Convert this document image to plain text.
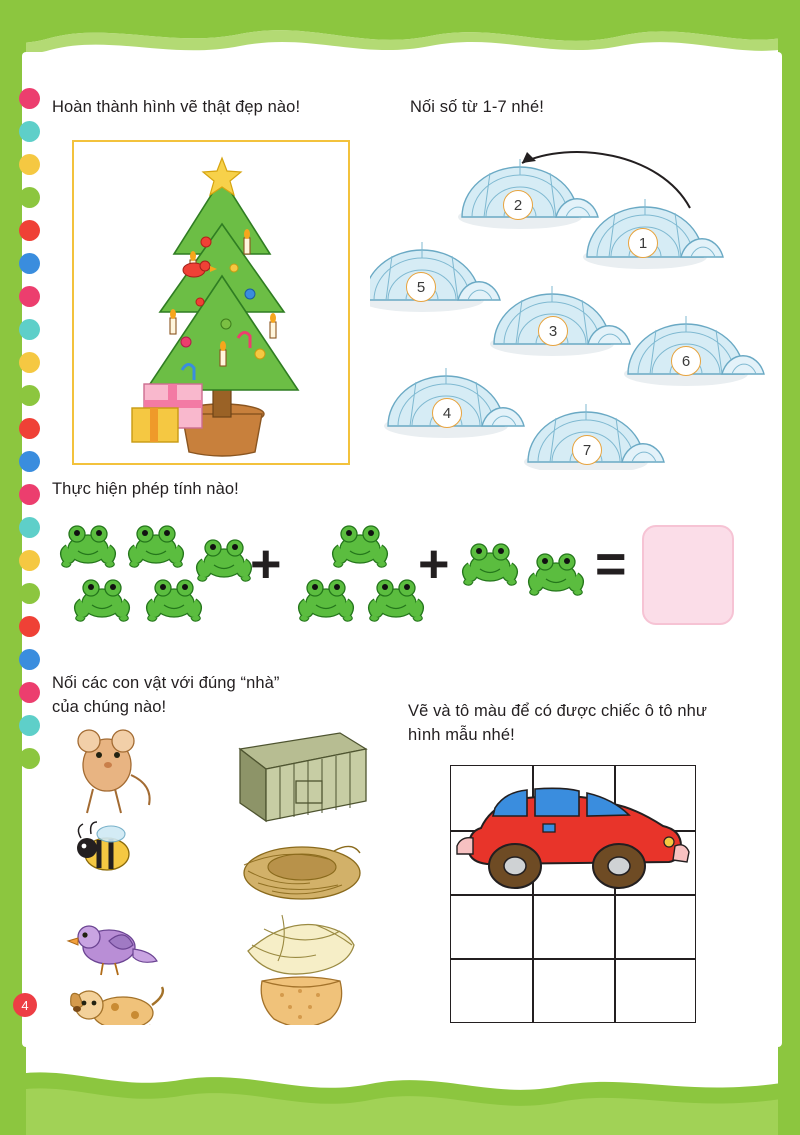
Hoàn thành hình vẽ thật đẹp nào!	Nối số từ 1-7 nhé!
2
1
5
3
6
4
7
Thực hiện phép tính nào!
+	+	=
Nối các con vật với đúng “nhà”
của chúng nào!	Vẽ và tô màu để có được chiếc ô tô như
hình mẫu nhé!
4
